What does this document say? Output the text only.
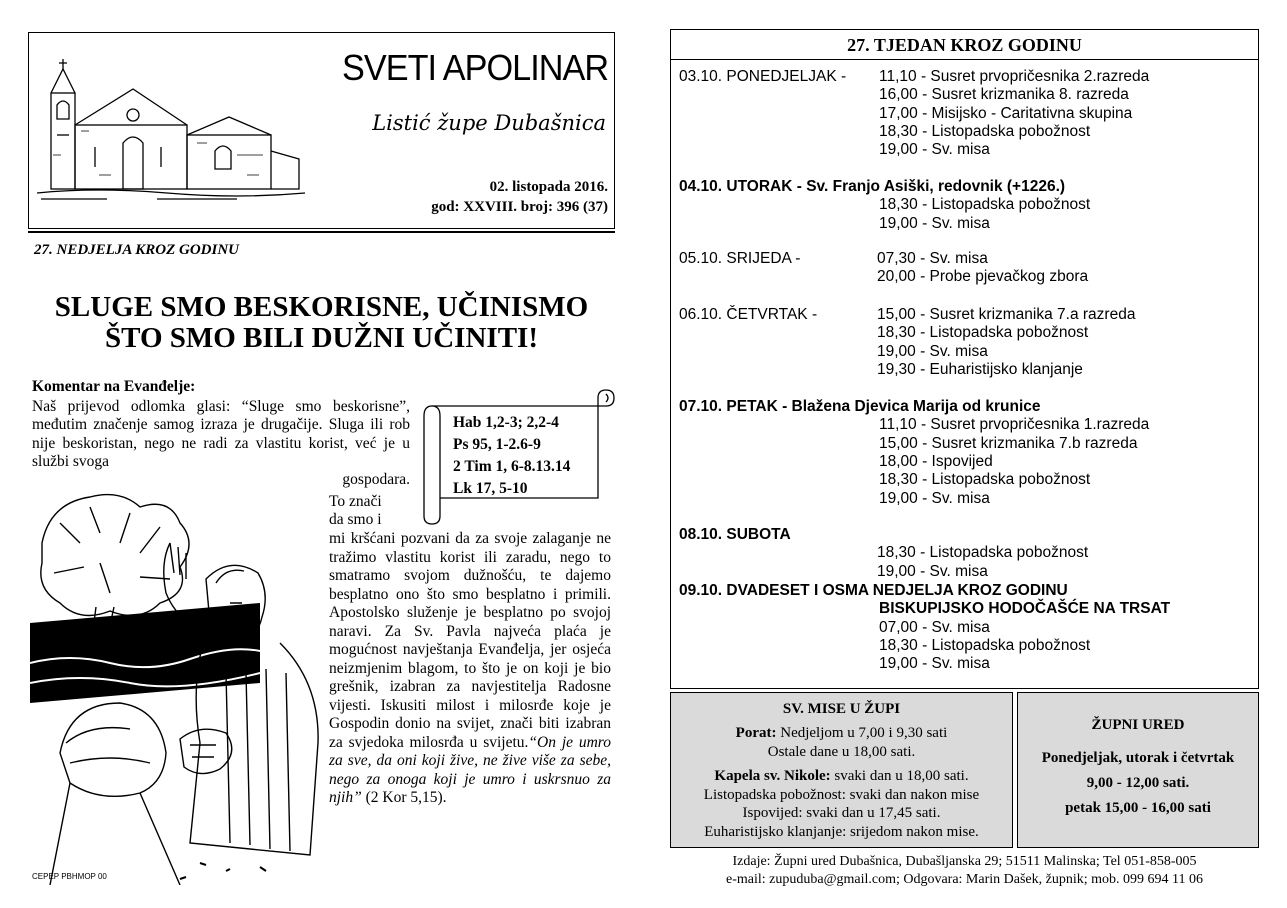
SVETI APOLINAR
Listić župe Dubašnica
02. listopada 2016.
god: XXVIII. broj: 396 (37)
27. NEDJELJA KROZ GODINU
SLUGE SMO BESKORISNE, UČINISMO
ŠTO SMO BILI DUŽNI UČINITI!
Komentar na Evanđelje:
Naš prijevod odlomka glasi: “Sluge smo beskorisne”, međutim značenje samog izraza je drugačije. Sluga ili rob nije beskoristan, nego ne radi za vlastitu korist, već je u službi svoga
gospodara.
Hab 1,2-3; 2,2-4
Ps 95, 1-2.6-9
2 Tim 1, 6-8.13.14
Lk 17, 5-10
To znači
da smo i
mi kršćani pozvani da za svoje zalaganje ne tražimo vlastitu korist ili zaradu, nego to smatramo svojom dužnošću, te dajemo besplatno ono što smo besplatno i primili. Apostolsko služenje je besplatno po svojoj naravi. Za Sv. Pavla najveća plaća je mogućnost navještanja Evanđelja, jer osjeća neizmjenim blagom, to što je on koji je bio grešnik, izabran za navjestitelja Radosne vijesti. Iskusiti milost i milosrđe koje je Gospodin donio na svijet, znači biti izabran za svjedoka milosrđa u svijetu.“On je umro za sve, da oni koji žive, ne žive više za sebe, nego za onoga koji je umro i uskrsnuo za njih” (2 Kor 5,15).
CEPEP PBHMOP 00
27. TJEDAN KROZ GODINU
03.10. PONEDJELJAK - 11,10 - Susret prvopričesnika 2.razreda
16,00 - Susret krizmanika 8. razreda
17,00 - Misijsko - Caritativna skupina
18,30 - Listopadska pobožnost
19,00 - Sv. misa
04.10. UTORAK - Sv. Franjo Asiški, redovnik (+1226.)
18,30 - Listopadska pobožnost
19,00 - Sv. misa
05.10. SRIJEDA -	07,30 - Sv. misa
20,00 - Probe pjevačkog zbora
06.10. ČETVRTAK -	15,00 - Susret krizmanika 7.a razreda
18,30 - Listopadska pobožnost
19,00 - Sv. misa
19,30 - Euharistijsko klanjanje
07.10. PETAK - Blažena Djevica Marija od krunice
11,10 - Susret prvopričesnika 1.razreda
15,00 - Susret krizmanika 7.b razreda
18,00 - Ispovijed
18,30 - Listopadska pobožnost
19,00 - Sv. misa
08.10. SUBOTA
18,30 - Listopadska pobožnost
19,00 - Sv. misa
09.10. DVADESET I OSMA NEDJELJA KROZ GODINU
BISKUPIJSKO HODOČAŠĆE NA TRSAT
07,00 - Sv. misa
18,30 - Listopadska pobožnost
19,00 - Sv. misa
SV. MISE U ŽUPI
Porat: Nedjeljom u 7,00 i 9,30 sati
Ostale dane u 18,00 sati.
Kapela sv. Nikole: svaki dan u 18,00 sati.
Listopadska pobožnost: svaki dan nakon mise
Ispovijed: svaki dan u 17,45 sati.
Euharistijsko klanjanje: srijedom nakon mise.
ŽUPNI URED
Ponedjeljak, utorak i četvrtak
9,00 - 12,00 sati.
petak 15,00 - 16,00 sati
Izdaje: Župni ured Dubašnica, Dubašljanska 29; 51511 Malinska; Tel 051-858-005
e-mail: zupuduba@gmail.com; Odgovara: Marin Dašek, župnik; mob. 099 694 11 06
